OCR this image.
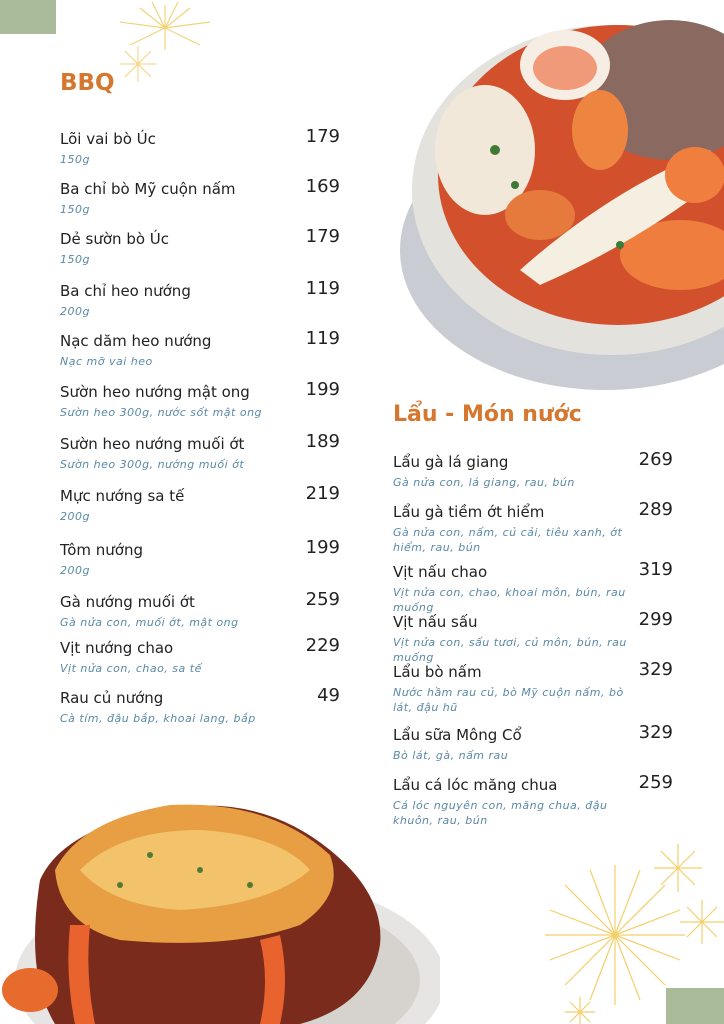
BBQ
Lõi vai bò Úc	179
150g
Ba chỉ bò Mỹ cuộn nấm	169
150g
Dẻ sườn bò Úc	179
150g
Ba chỉ heo nướng	119
200g
Nạc dăm heo nướng	119
Nạc mỡ vai heo
Sườn heo nướng mật ong	199
Sườn heo 300g, nước sốt mật ong
Sườn heo nướng muối ớt	189
Sườn heo 300g, nướng muối ớt
Mực nướng sa tế	219
200g
Tôm nướng	199
200g
Gà nướng muối ớt	259
Gà nửa con, muối ớt, mật ong
Vịt nướng chao	229
Vịt nửa con, chao, sa tế
Rau củ nướng	49
Cà tím, đậu bắp, khoai lang, bắp
Lẩu - Món nước
Lẩu gà lá giang	269
Gà nửa con, lá giang, rau, bún
Lẩu gà tiềm ớt hiểm	289
Gà nửa con, nấm, củ cải, tiêu xanh, ớt hiểm, rau, bún
Vịt nấu chao	319
Vịt nửa con, chao, khoai môn, bún, rau muống
Vịt nấu sấu	299
Vịt nửa con, sấu tươi, củ môn, bún, rau muống
Lẩu bò nấm	329
Nước hầm rau củ, bò Mỹ cuộn nấm, bò lát, đậu hũ
Lẩu sữa Mông Cổ	329
Bò lát, gà, nấm rau
Lẩu cá lóc măng chua	259
Cá lóc nguyên con, măng chua, đậu khuôn, rau, bún
